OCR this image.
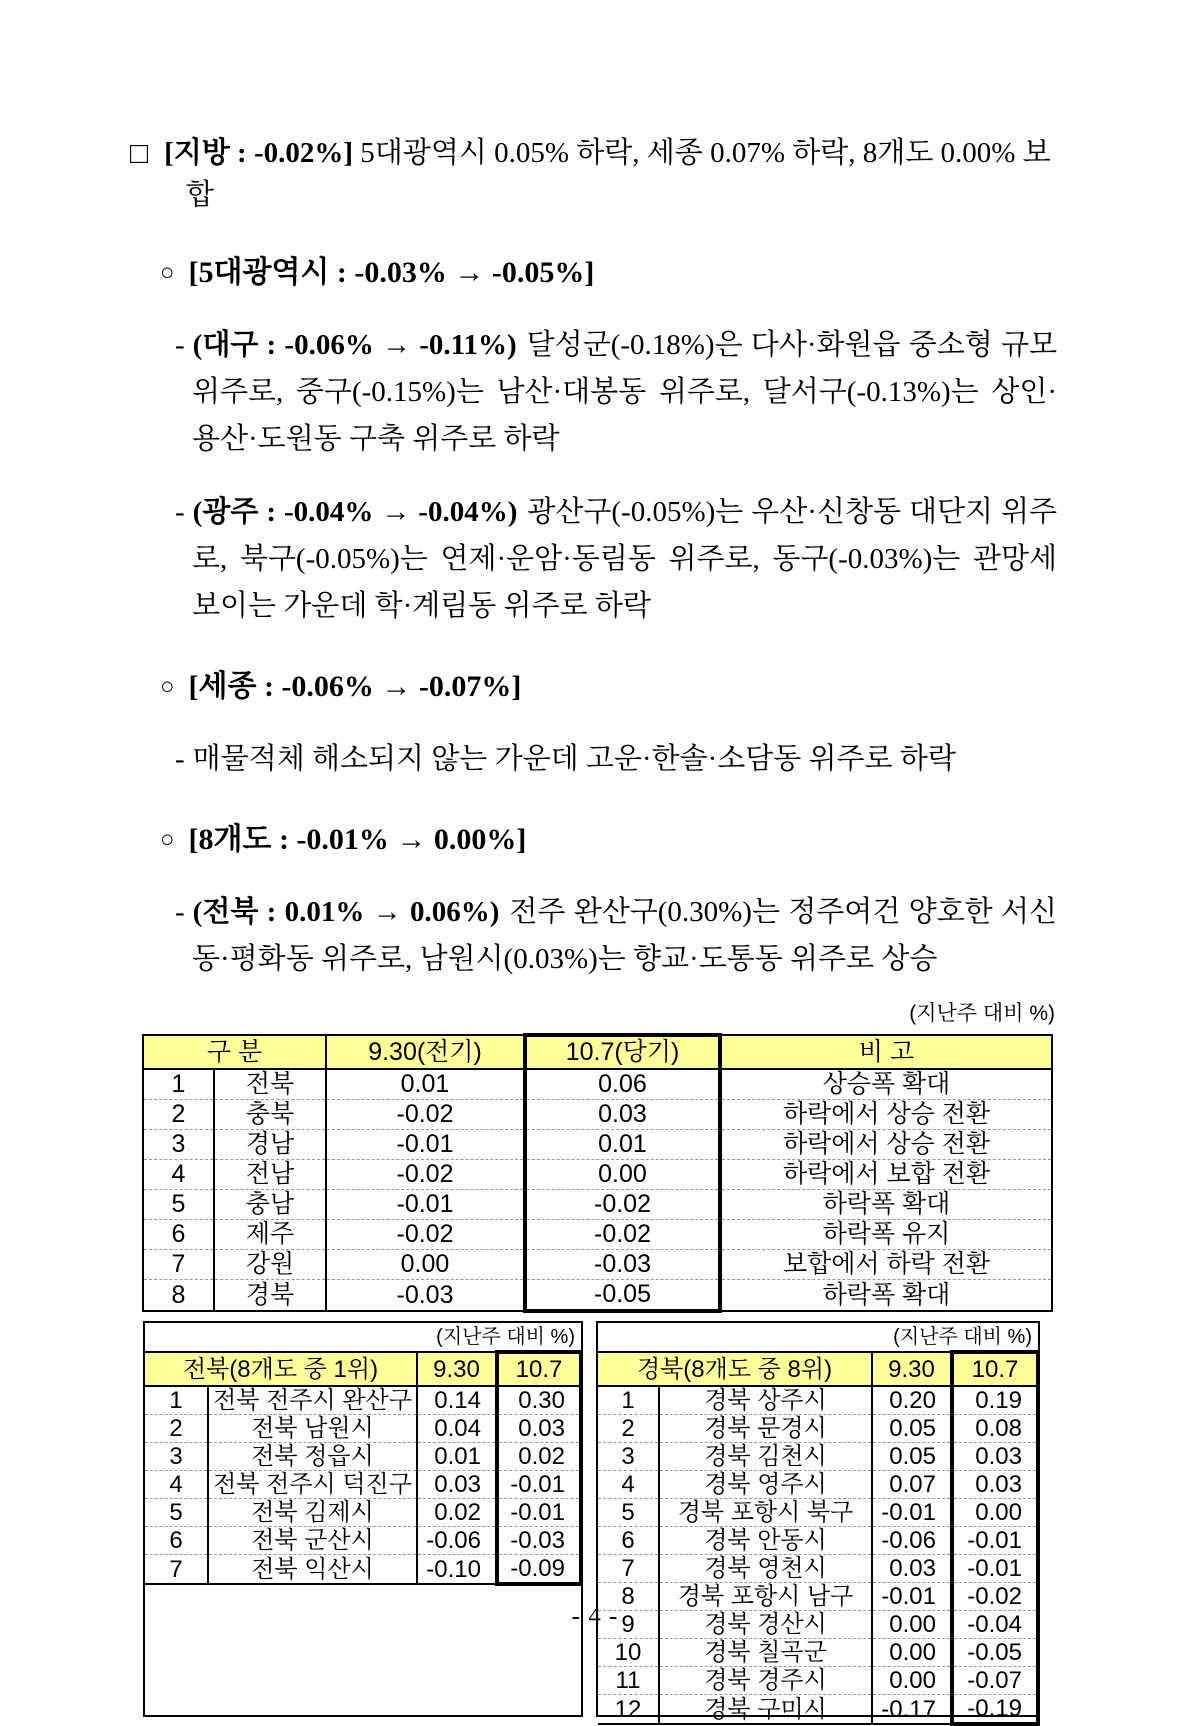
□ [지방 : -0.02%] 5대광역시 0.05% 하락, 세종 0.07% 하락, 8개도 0.00% 보합
○ [5대광역시 : -0.03% → -0.05%]
- (대구 : -0.06% → -0.11%) 달성군(-0.18%)은 다사·화원읍 중소형 규모 위주로, 중구(-0.15%)는 남산·대봉동 위주로, 달서구(-0.13%)는 상인·용산·도원동 구축 위주로 하락
- (광주 : -0.04% → -0.04%) 광산구(-0.05%)는 우산·신창동 대단지 위주로, 북구(-0.05%)는 연제·운암·동림동 위주로, 동구(-0.03%)는 관망세 보이는 가운데 학·계림동 위주로 하락
○ [세종 : -0.06% → -0.07%]
- 매물적체 해소되지 않는 가운데 고운·한솔·소담동 위주로 하락
○ [8개도 : -0.01% → 0.00%]
- (전북 : 0.01% → 0.06%) 전주 완산구(0.30%)는 정주여건 양호한 서신동·평화동 위주로, 남원시(0.03%)는 향교·도통동 위주로 상승
(지난주 대비 %)
구 분		9.30(전기)	10.7(당기)	비 고
1	전북	0.01	0.06	상승폭 확대
2	충북	-0.02	0.03	하락에서 상승 전환
3	경남	-0.01	0.01	하락에서 상승 전환
4	전남	-0.02	0.00	하락에서 보합 전환
5	충남	-0.01	-0.02	하락폭 확대
6	제주	-0.02	-0.02	하락폭 유지
7	강원	0.00	-0.03	보합에서 하락 전환
8	경북	-0.03	-0.05	하락폭 확대
(지난주 대비 %)
전북(8개도 중 1위)		9.30	10.7
1	전북 전주시 완산구	0.14	0.30
2	전북 남원시	0.04	0.03
3	전북 정읍시	0.01	0.02
4	전북 전주시 덕진구	0.03	-0.01
5	전북 김제시	0.02	-0.01
6	전북 군산시	-0.06	-0.03
7	전북 익산시	-0.10	-0.09
(지난주 대비 %)
경북(8개도 중 8위)		9.30	10.7
1	경북 상주시	0.20	0.19
2	경북 문경시	0.05	0.08
3	경북 김천시	0.05	0.03
4	경북 영주시	0.07	0.03
5	경북 포항시 북구	-0.01	0.00
6	경북 안동시	-0.06	-0.01
7	경북 영천시	0.03	-0.01
8	경북 포항시 남구	-0.01	-0.02
9	경북 경산시	0.00	-0.04
10	경북 칠곡군	0.00	-0.05
11	경북 경주시	0.00	-0.07
12	경북 구미시	-0.17	-0.19
- 4 -
